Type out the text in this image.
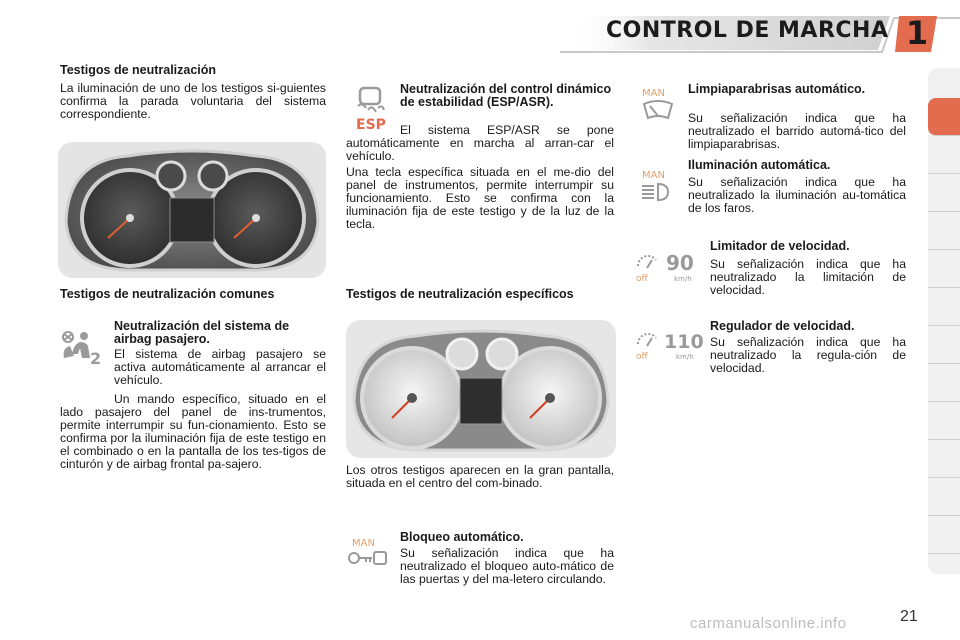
CONTROL DE MARCHA 1
Testigos de neutralización
La iluminación de uno de los testigos si-guientes confirma la parada voluntaria del sistema correspondiente.
Testigos de neutralización comunes
2
Neutralización del sistema de airbag pasajero.
El sistema de airbag pasajero se activa automáticamente al arrancar el vehículo.
Un mando específico, situado en el lado pasajero del panel de ins-trumentos, permite interrumpir su fun-cionamiento. Esto se confirma por la iluminación fija de este testigo en el combinado o en la pantalla de los tes-tigos de cinturón y de airbag frontal pa-sajero.
ESP
Neutralización del control dinámico de estabilidad (ESP/ASR).
El sistema ESP/ASR se pone automáticamente en marcha al arran-car el vehículo.
Una tecla específica situada en el me-dio del panel de instrumentos, permite interrumpir su funcionamiento. Esto se confirma con la iluminación fija de este testigo y de la luz de la tecla.
Testigos de neutralización específicos
Los otros testigos aparecen en la gran pantalla, situada en el centro del com-binado.
MAN Bloqueo automático.
Su señalización indica que ha neutralizado el bloqueo auto-mático de las puertas y del ma-letero circulando.
MAN Limpiaparabrisas automático.
Su señalización indica que ha neutralizado el barrido automá-tico del limpiaparabrisas.
MAN
Iluminación automática.
Su señalización indica que ha neutralizado la iluminación au-tomática de los faros.
off
90
km/h
Limitador de velocidad.
Su señalización indica que ha neutralizado la limitación de velocidad.
off
110
km/h
Regulador de velocidad.
Su señalización indica que ha neutralizado la regula-ción de velocidad.
carmanualsonline.info	21
